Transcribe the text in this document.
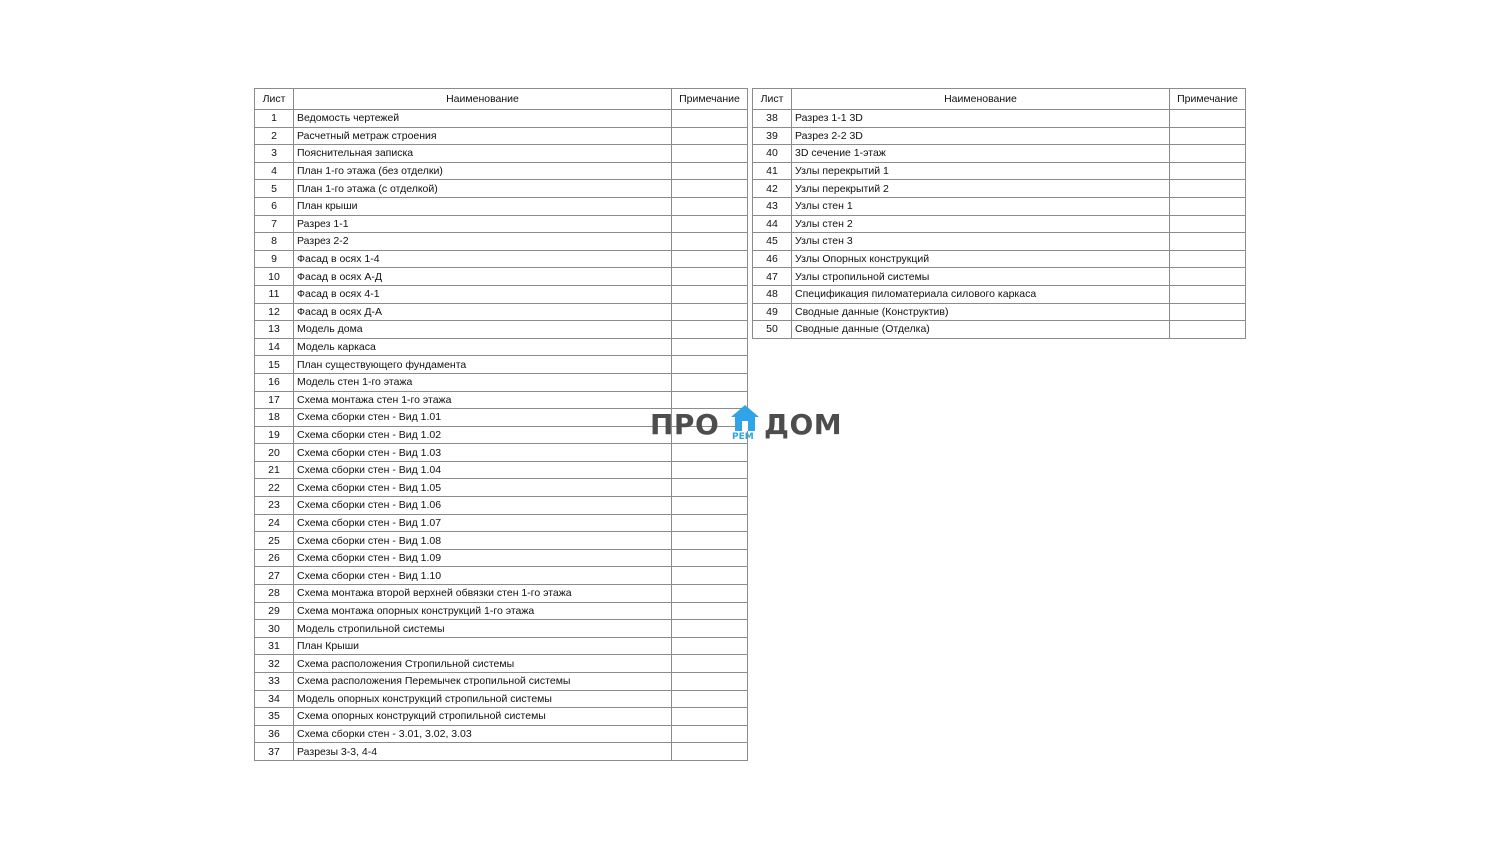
Лист	Наименование	Примечание
1	Ведомость чертежей	
2	Расчетный метраж строения	
3	Пояснительная записка	
4	План 1-го этажа (без отделки)	
5	План 1-го этажа (с отделкой)	
6	План крыши	
7	Разрез 1-1	
8	Разрез 2-2	
9	Фасад в осях 1-4	
10	Фасад в осях А-Д	
11	Фасад в осях 4-1	
12	Фасад в осях Д-А	
13	Модель дома	
14	Модель каркаса	
15	План существующего фундамента	
16	Модель стен 1-го этажа	
17	Схема монтажа стен 1-го этажа	
18	Схема сборки стен - Вид 1.01	
19	Схема сборки стен - Вид 1.02	
20	Схема сборки стен - Вид 1.03	
21	Схема сборки стен - Вид 1.04	
22	Схема сборки стен - Вид 1.05	
23	Схема сборки стен - Вид 1.06	
24	Схема сборки стен - Вид 1.07	
25	Схема сборки стен - Вид 1.08	
26	Схема сборки стен - Вид 1.09	
27	Схема сборки стен - Вид 1.10	
28	Схема монтажа второй верхней обвязки стен 1-го этажа	
29	Схема монтажа опорных конструкций 1-го этажа	
30	Модель стропильной системы	
31	План Крыши	
32	Схема расположения Стропильной системы	
33	Схема расположения Перемычек стропильной системы	
34	Модель опорных конструкций стропильной системы	
35	Схема опорных конструкций стропильной системы	
36	Схема сборки стен - 3.01, 3.02, 3.03	
37	Разрезы 3-3, 4-4	
Лист	Наименование	Примечание
38	Разрез 1-1 3D	
39	Разрез 2-2 3D	
40	3D сечение 1-этаж	
41	Узлы перекрытий 1	
42	Узлы перекрытий 2	
43	Узлы стен 1	
44	Узлы стен 2	
45	Узлы стен 3	
46	Узлы Опорных конструкций	
47	Узлы стропильной системы	
48	Спецификация пиломатериала силового каркаса	
49	Сводные данные (Конструктив)	
50	Сводные данные (Отделка)	
ПРО РЕМ ДОМ
